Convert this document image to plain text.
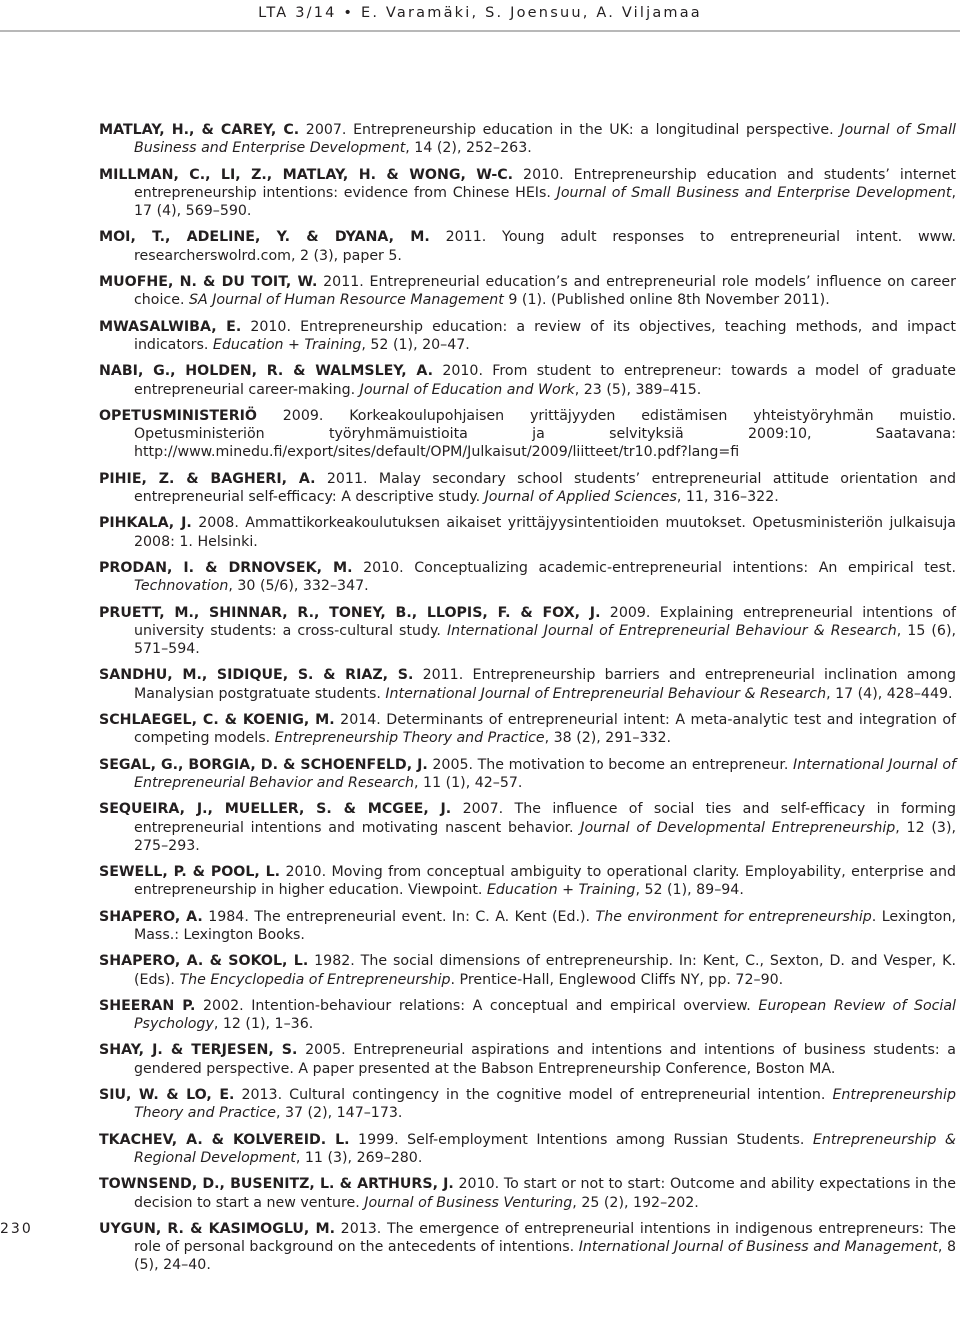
LTA 3/14 • E. Varamäki, S. Joensuu, A. Viljamaa

MATLAY, H., & CAREY, C. 2007. Entrepreneurship education in the UK: a longitudinal perspective. Journal of Small Business and Enterprise Development, 14 (2), 252–263.

MILLMAN, C., LI, Z., MATLAY, H. & WONG, W-C. 2010. Entrepreneurship education and students’ internet entrepreneurship intentions: evidence from Chinese HEIs. Journal of Small Business and Enterprise Development, 17 (4), 569–590.

MOI, T., ADELINE, Y. & DYANA, M. 2011. Young adult responses to entrepreneurial intent. www. researcherswolrd.com, 2 (3), paper 5.

MUOFHE, N. & DU TOIT, W. 2011. Entrepreneurial education’s and entrepreneurial role models’ influence on career choice. SA Journal of Human Resource Management 9 (1). (Published online 8th November 2011).

MWASALWIBA, E. 2010. Entrepreneurship education: a review of its objectives, teaching methods, and impact indicators. Education + Training, 52 (1), 20–47.

NABI, G., HOLDEN, R. & WALMSLEY, A. 2010. From student to entrepreneur: towards a model of graduate entrepreneurial career-making. Journal of Education and Work, 23 (5), 389–415.

OPETUSMINISTERIÖ 2009. Korkeakoulupohjaisen yrittäjyyden edistämisen yhteistyöryhmän muistio. Opetusministeriön työryhmämuistioita ja selvityksiä 2009:10, Saatavana: http://www.minedu.fi/export/sites/default/OPM/Julkaisut/2009/liitteet/tr10.pdf?lang=fi

PIHIE, Z. & BAGHERI, A. 2011. Malay secondary school students’ entrepreneurial attitude orientation and entrepreneurial self-efficacy: A descriptive study. Journal of Applied Sciences, 11, 316–322.

PIHKALA, J. 2008. Ammattikorkeakoulutuksen aikaiset yrittäjyysintentioiden muutokset. Opetusministeriön julkaisuja 2008: 1. Helsinki.

PRODAN, I. & DRNOVSEK, M. 2010. Conceptualizing academic-entrepreneurial intentions: An empirical test. Technovation, 30 (5/6), 332–347.

PRUETT, M., SHINNAR, R., TONEY, B., LLOPIS, F. & FOX, J. 2009. Explaining entrepreneurial intentions of university students: a cross-cultural study. International Journal of Entrepreneurial Behaviour & Research, 15 (6), 571–594.

SANDHU, M., SIDIQUE, S. & RIAZ, S. 2011. Entrepreneurship barriers and entrepreneurial inclination among Manalysian postgratuate students. International Journal of Entrepreneurial Behaviour & Research, 17 (4), 428–449.

SCHLAEGEL, C. & KOENIG, M. 2014. Determinants of entrepreneurial intent: A meta-analytic test and integration of competing models. Entrepreneurship Theory and Practice, 38 (2), 291–332.

SEGAL, G., BORGIA, D. & SCHOENFELD, J. 2005. The motivation to become an entrepreneur. International Journal of Entrepreneurial Behavior and Research, 11 (1), 42–57.

SEQUEIRA, J., MUELLER, S. & MCGEE, J. 2007. The influence of social ties and self-efficacy in forming entrepreneurial intentions and motivating nascent behavior. Journal of Developmental Entrepreneurship, 12 (3), 275–293.

SEWELL, P. & POOL, L. 2010. Moving from conceptual ambiguity to operational clarity. Employability, enterprise and entrepreneurship in higher education. Viewpoint. Education + Training, 52 (1), 89–94.

SHAPERO, A. 1984. The entrepreneurial event. In: C. A. Kent (Ed.). The environment for entrepreneurship. Lexington, Mass.: Lexington Books.

SHAPERO, A. & SOKOL, L. 1982. The social dimensions of entrepreneurship. In: Kent, C., Sexton, D. and Vesper, K. (Eds). The Encyclopedia of Entrepreneurship. Prentice-Hall, Englewood Cliffs NY, pp. 72–90.

SHEERAN P. 2002. Intention-behaviour relations: A conceptual and empirical overview. European Review of Social Psychology, 12 (1), 1–36.

SHAY, J. & TERJESEN, S. 2005. Entrepreneurial aspirations and intentions and intentions of business students: a gendered perspective. A paper presented at the Babson Entrepreneurship Conference, Boston MA.

SIU, W. & LO, E. 2013. Cultural contingency in the cognitive model of entrepreneurial intention. Entrepreneurship Theory and Practice, 37 (2), 147–173.

TKACHEV, A. & KOLVEREID. L. 1999. Self-employment Intentions among Russian Students. Entrepreneurship & Regional Development, 11 (3), 269–280.

TOWNSEND, D., BUSENITZ, L. & ARTHURS, J. 2010. To start or not to start: Outcome and ability expectations in the decision to start a new venture. Journal of Business Venturing, 25 (2), 192–202.

UYGUN, R. & KASIMOGLU, M. 2013. The emergence of entrepreneurial intentions in indigenous entrepreneurs: The role of personal background on the antecedents of intentions. International Journal of Business and Management, 8 (5), 24–40.

230
